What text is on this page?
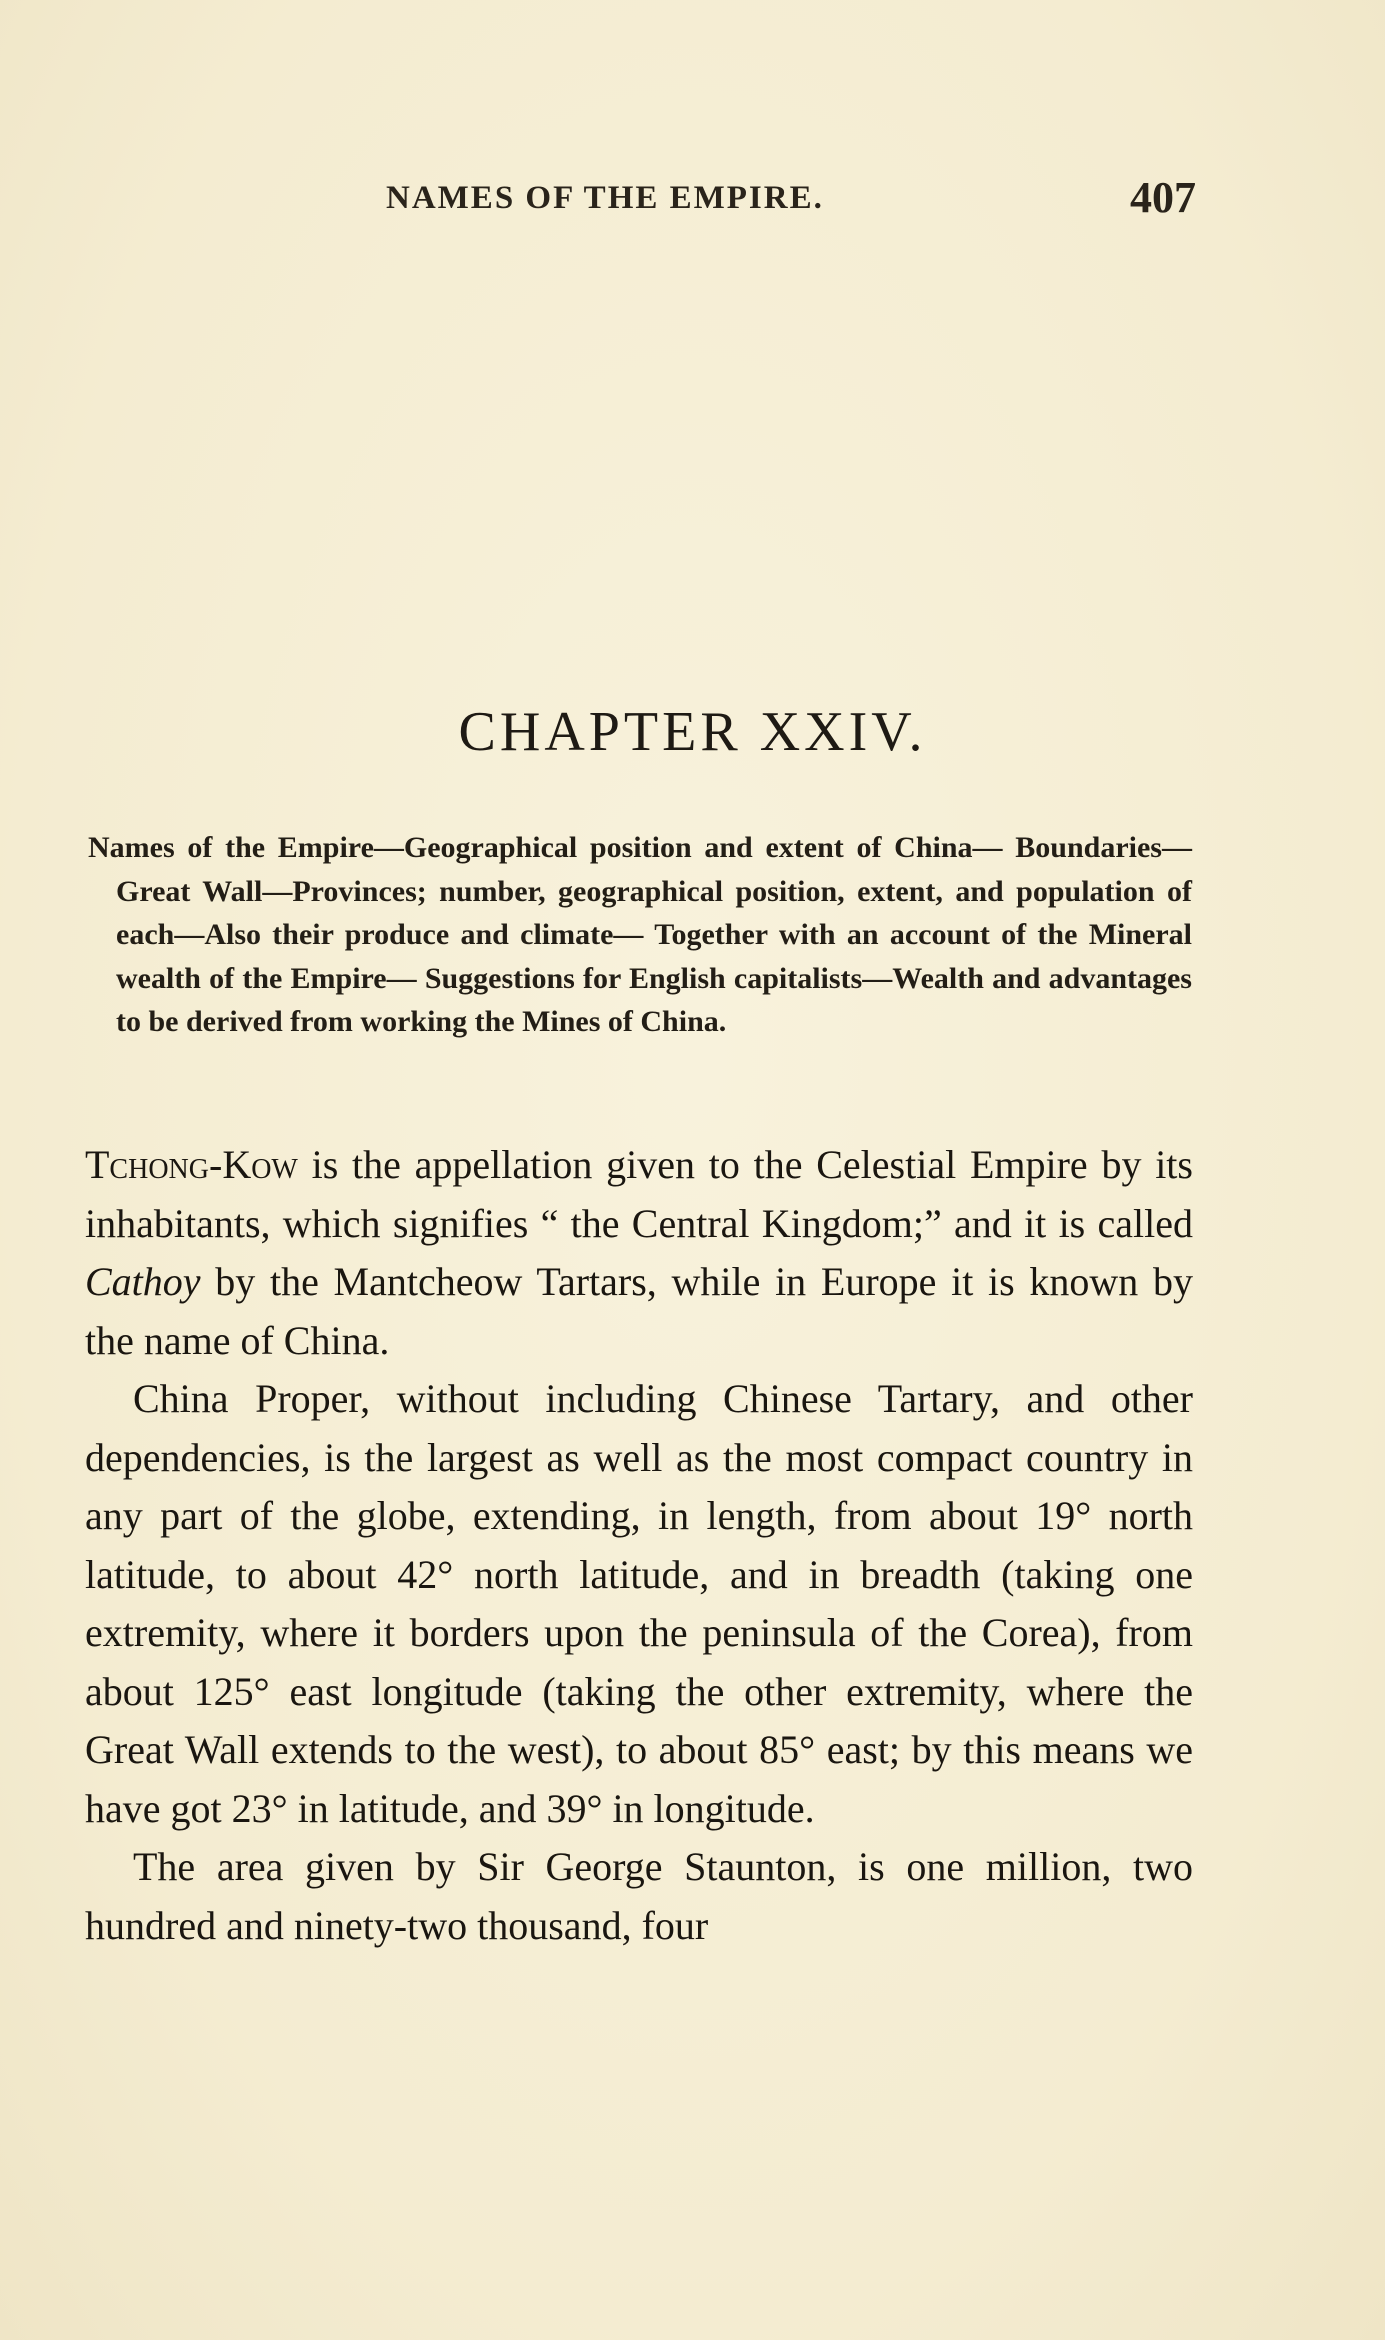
NAMES OF THE EMPIRE.	407
CHAPTER XXIV.
Names of the Empire—Geographical position and extent of China— Boundaries—Great Wall—Provinces; number, geographical position, extent, and population of each—Also their produce and climate— Together with an account of the Mineral wealth of the Empire— Suggestions for English capitalists—Wealth and advantages to be derived from working the Mines of China.

Tchong-Kow is the appellation given to the Celestial Empire by its inhabitants, which signifies “ the Central Kingdom;” and it is called Cathoy by the Mantcheow Tartars, while in Europe it is known by the name of China.

China Proper, without including Chinese Tartary, and other dependencies, is the largest as well as the most compact country in any part of the globe, extending, in length, from about 19° north latitude, to about 42° north latitude, and in breadth (taking one extremity, where it borders upon the peninsula of the Corea), from about 125° east longitude (taking the other extremity, where the Great Wall extends to the west), to about 85° east; by this means we have got 23° in latitude, and 39° in longitude.

The area given by Sir George Staunton, is one million, two hundred and ninety-two thousand, four
